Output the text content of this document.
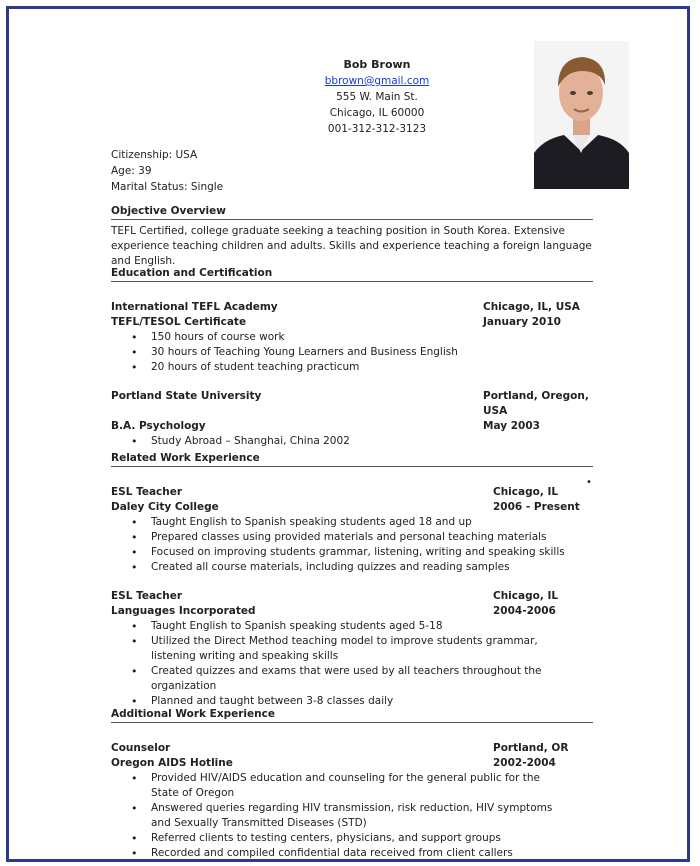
Bob Brown
bbrown@gmail.com
555 W. Main St.
Chicago, IL 60000
001-312-312-3123
Citizenship: USA
Age: 39
Marital Status: Single
Objective Overview
TEFL Certified, college graduate seeking a teaching position in South Korea. Extensive experience teaching children and adults. Skills and experience teaching a foreign language and English.
Education and Certification
International TEFL Academy	Chicago, IL, USA
TEFL/TESOL Certificate	January 2010
• 150 hours of course work
• 30 hours of Teaching Young Learners and Business English
• 20 hours of student teaching practicum
Portland State University	Portland, Oregon, USA
B.A. Psychology	May 2003
• Study Abroad – Shanghai, China 2002
Related Work Experience
ESL Teacher	Chicago, IL
Daley City College	2006 - Present
• Taught English to Spanish speaking students aged 18 and up
• Prepared classes using provided materials and personal teaching materials
• Focused on improving students grammar, listening, writing and speaking skills
• Created all course materials, including quizzes and reading samples
ESL Teacher	Chicago, IL
Languages Incorporated	2004-2006
• Taught English to Spanish speaking students aged 5-18
• Utilized the Direct Method teaching model to improve students grammar, listening writing and speaking skills
• Created quizzes and exams that were used by all teachers throughout the organization
• Planned and taught between 3-8 classes daily
•
Additional Work Experience
Counselor	Portland, OR
Oregon AIDS Hotline	2002-2004
• Provided HIV/AIDS education and counseling for the general public for the State of Oregon
• Answered queries regarding HIV transmission, risk reduction, HIV symptoms and Sexually Transmitted Diseases (STD)
• Referred clients to testing centers, physicians, and support groups
• Recorded and compiled confidential data received from client callers
